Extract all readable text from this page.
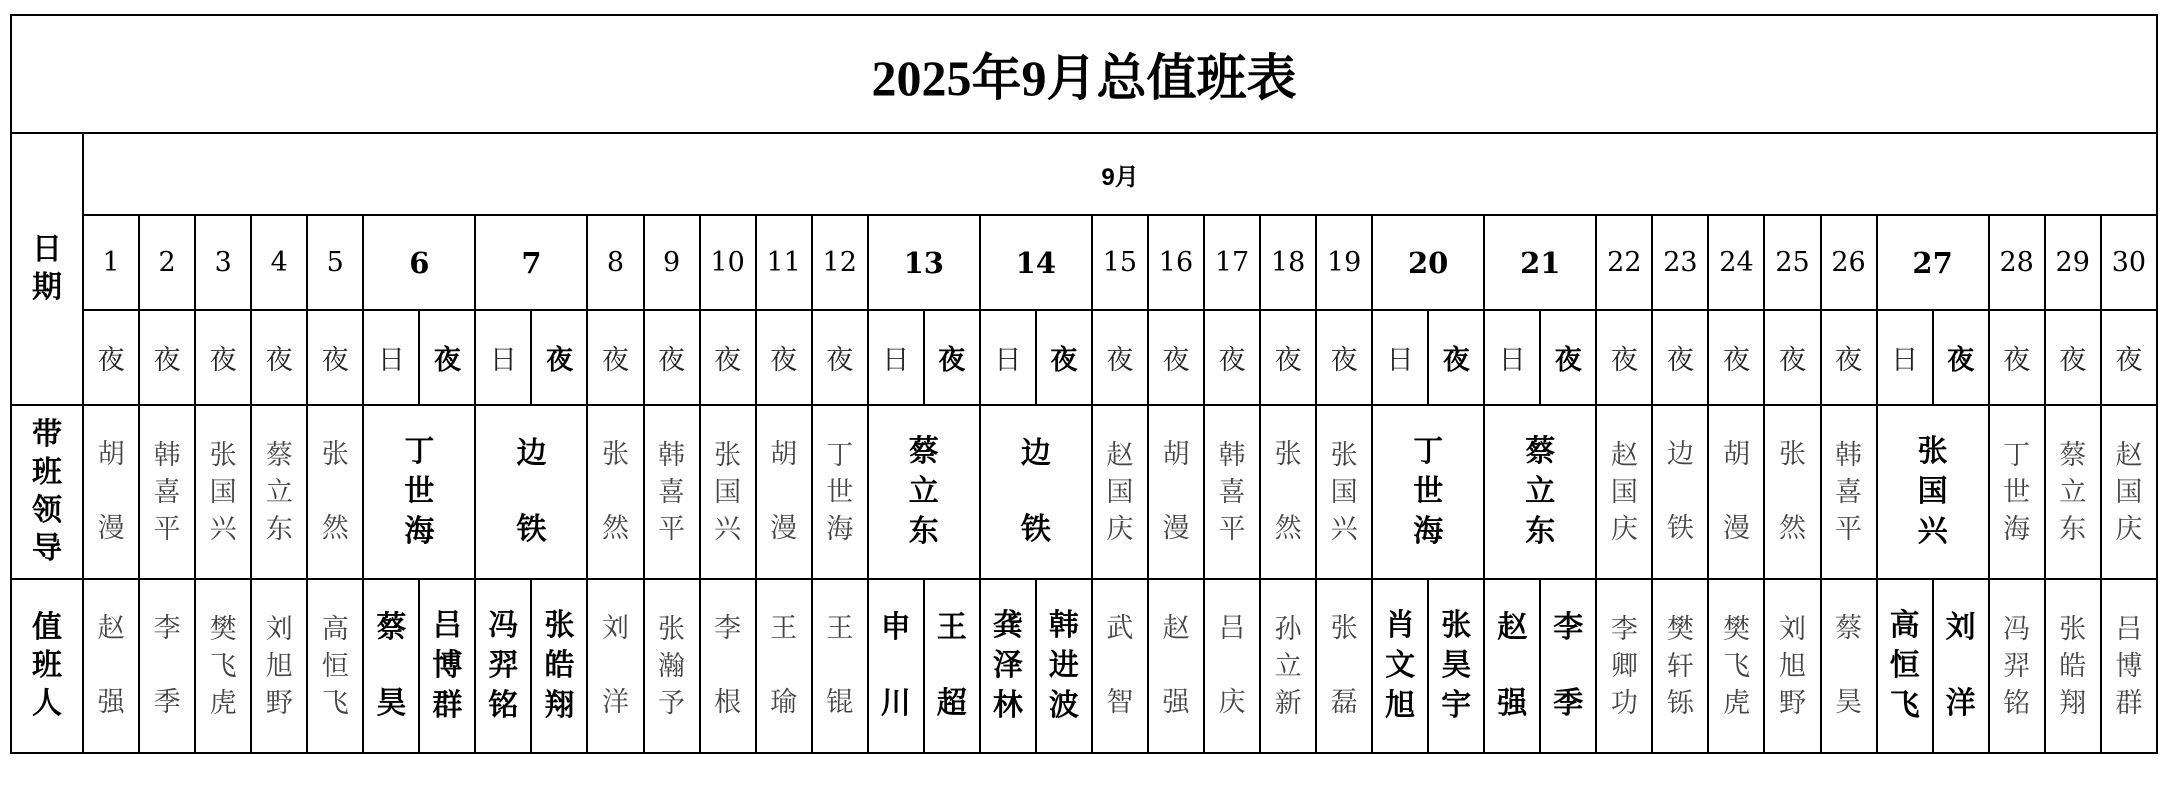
2025年9月总值班表																																					
日期	9月																																				
	1	2	3	4	5	6		7		8	9	10	11	12	13		14		15	16	17	18	19	20		21		22	23	24	25	26	27		28	29	30
	夜	夜	夜	夜	夜	日	夜	日	夜	夜	夜	夜	夜	夜	日	夜	日	夜	夜	夜	夜	夜	夜	日	夜	日	夜	夜	夜	夜	夜	夜	日	夜	夜	夜	夜
带班领导	胡漫	韩喜平	张国兴	蔡立东	张然	丁世海		边铁		张然	韩喜平	张国兴	胡漫	丁世海	蔡立东		边铁		赵国庆	胡漫	韩喜平	张然	张国兴	丁世海		蔡立东		赵国庆	边铁	胡漫	张然	韩喜平	张国兴		丁世海	蔡立东	赵国庆
值班人	赵强	李季	樊飞虎	刘旭野	高恒飞	蔡昊	吕博群	冯羿铭	张皓翔	刘洋	张瀚予	李根	王瑜	王锟	申川	王超	龚泽林	韩进波	武智	赵强	吕庆	孙立新	张磊	肖文旭	张昊宇	赵强	李季	李卿功	樊轩铄	樊飞虎	刘旭野	蔡昊	高恒飞	刘洋	冯羿铭	张皓翔	吕博群
